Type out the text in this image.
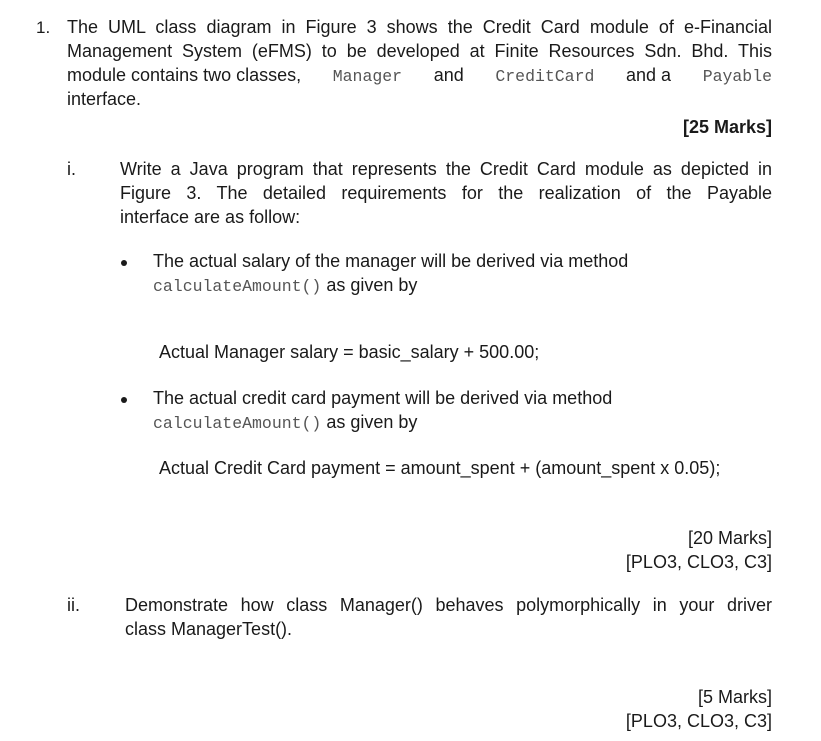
1. The UML class diagram in Figure 3 shows the Credit Card module of e-Financial
Management System (eFMS) to be developed at Finite Resources Sdn. Bhd. This
module contains two classes, Manager and CreditCard and a Payable
interface.
[25 Marks]
i. Write a Java program that represents the Credit Card module as depicted in
Figure 3. The detailed requirements for the realization of the Payable
interface are as follow:
The actual salary of the manager will be derived via method
calculateAmount() as given by
Actual Manager salary = basic_salary + 500.00;
The actual credit card payment will be derived via method
calculateAmount() as given by
Actual Credit Card payment = amount_spent + (amount_spent x 0.05);
[20 Marks]
[PLO3, CLO3, C3]
ii.	Demonstrate how class Manager() behaves polymorphically in your driver
class ManagerTest().
[5 Marks]
[PLO3, CLO3, C3]
